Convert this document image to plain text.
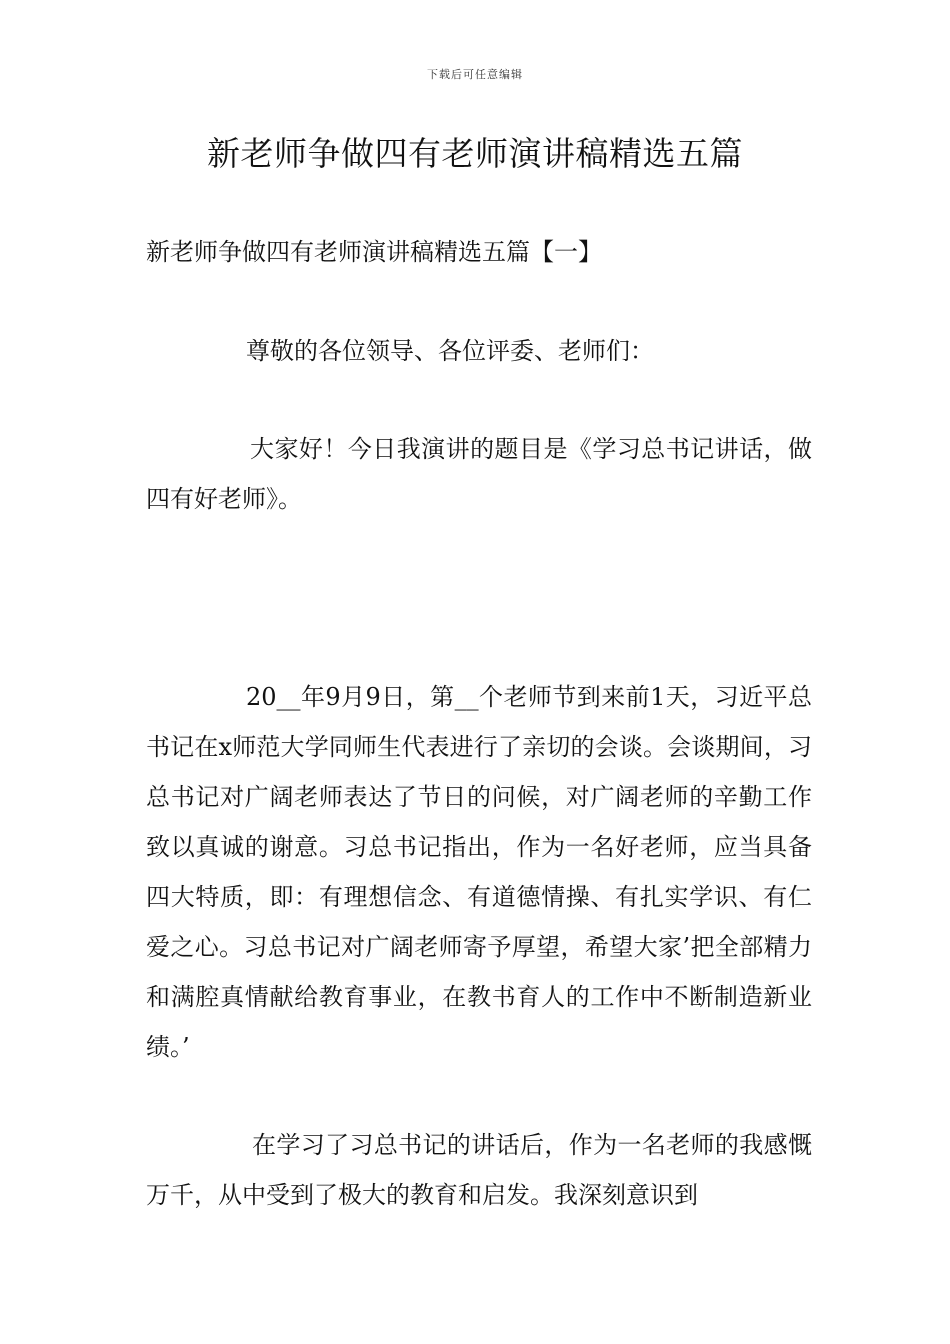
下载后可任意编辑
新老师争做四有老师演讲稿精选五篇
新老师争做四有老师演讲稿精选五篇【一】

尊敬的各位领导、各位评委、老师们：

大家好！今日我演讲的题目是《学习总书记讲话，做四有好老师》。

20__年9月9日，第__个老师节到来前1天，习近平总书记在x师范大学同师生代表进行了亲切的会谈。会谈期间，习总书记对广阔老师表达了节日的问候，对广阔老师的辛勤工作致以真诚的谢意。习总书记指出，作为一名好老师，应当具备四大特质，即：有理想信念、有道德情操、有扎实学识、有仁爱之心。习总书记对广阔老师寄予厚望，希望大家’把全部精力和满腔真情献给教育事业，在教书育人的工作中不断制造新业绩。’

在学习了习总书记的讲话后，作为一名老师的我感慨万千，从中受到了极大的教育和启发。我深刻意识到
